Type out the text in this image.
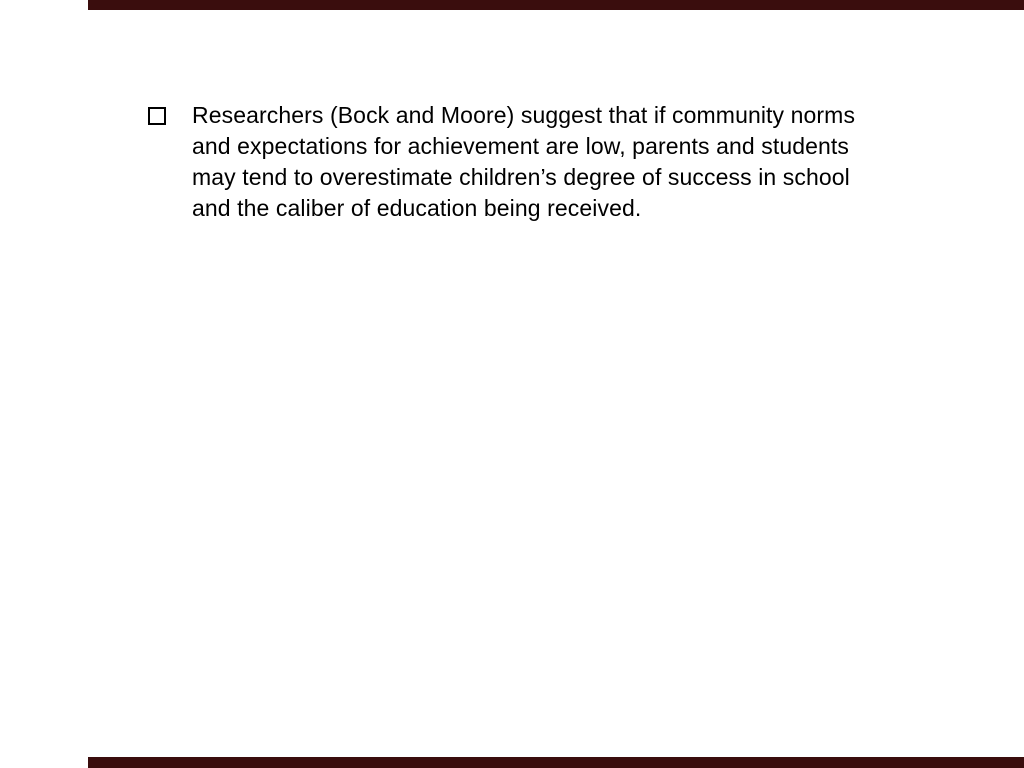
Researchers (Bock and Moore) suggest that if community norms and expectations for achievement are low, parents and students may tend to overestimate children’s degree of success in school and the caliber of education being received.
